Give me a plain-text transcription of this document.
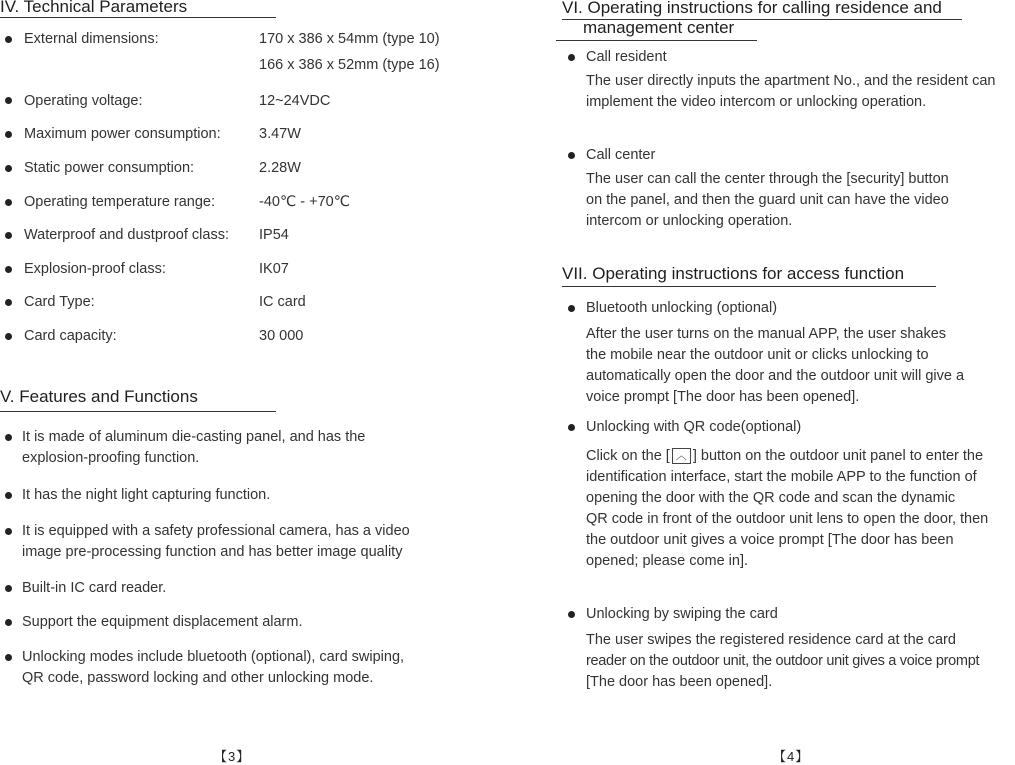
IV. Technical Parameters
External dimensions:	170 x 386 x 54mm (type 10)
166 x 386 x 52mm (type 16)
Operating voltage:	12~24VDC
Maximum power consumption:	3.47W
Static power consumption:	2.28W
Operating temperature range:	-40℃ - +70℃
Waterproof and dustproof class: IP54
Explosion-proof class:	IK07
Card Type:	IC card
Card capacity:	30 000
V. Features and Functions
It is made of aluminum die-casting panel, and has the
explosion-proofing function.
It has the night light capturing function.
It is equipped with a safety professional camera, has a video
image pre-processing function and has better image quality
Built-in IC card reader.
Support the equipment displacement alarm.
Unlocking modes include bluetooth (optional), card swiping,
QR code, password locking and other unlocking mode.
【3】
VI. Operating instructions for calling residence and
management center
Call resident
The user directly inputs the apartment No., and the resident can
implement the video intercom or unlocking operation.
Call center
The user can call the center through the [security] button
on the panel, and then the guard unit can have the video
intercom or unlocking operation.
VII. Operating instructions for access function
Bluetooth unlocking (optional)
After the user turns on the manual APP, the user shakes
the mobile near the outdoor unit or clicks unlocking to
automatically open the door and the outdoor unit will give a
voice prompt [The door has been opened].
Unlocking with QR code(optional)
Click on the [ ︿ ] button on the outdoor unit panel to enter the
identification interface, start the mobile APP to the function of
opening the door with the QR code and scan the dynamic
QR code in front of the outdoor unit lens to open the door, then
the outdoor unit gives a voice prompt [The door has been
opened; please come in].
Unlocking by swiping the card
The user swipes the registered residence card at the card
reader on the outdoor unit, the outdoor unit gives a voice prompt
[The door has been opened].
【4】
